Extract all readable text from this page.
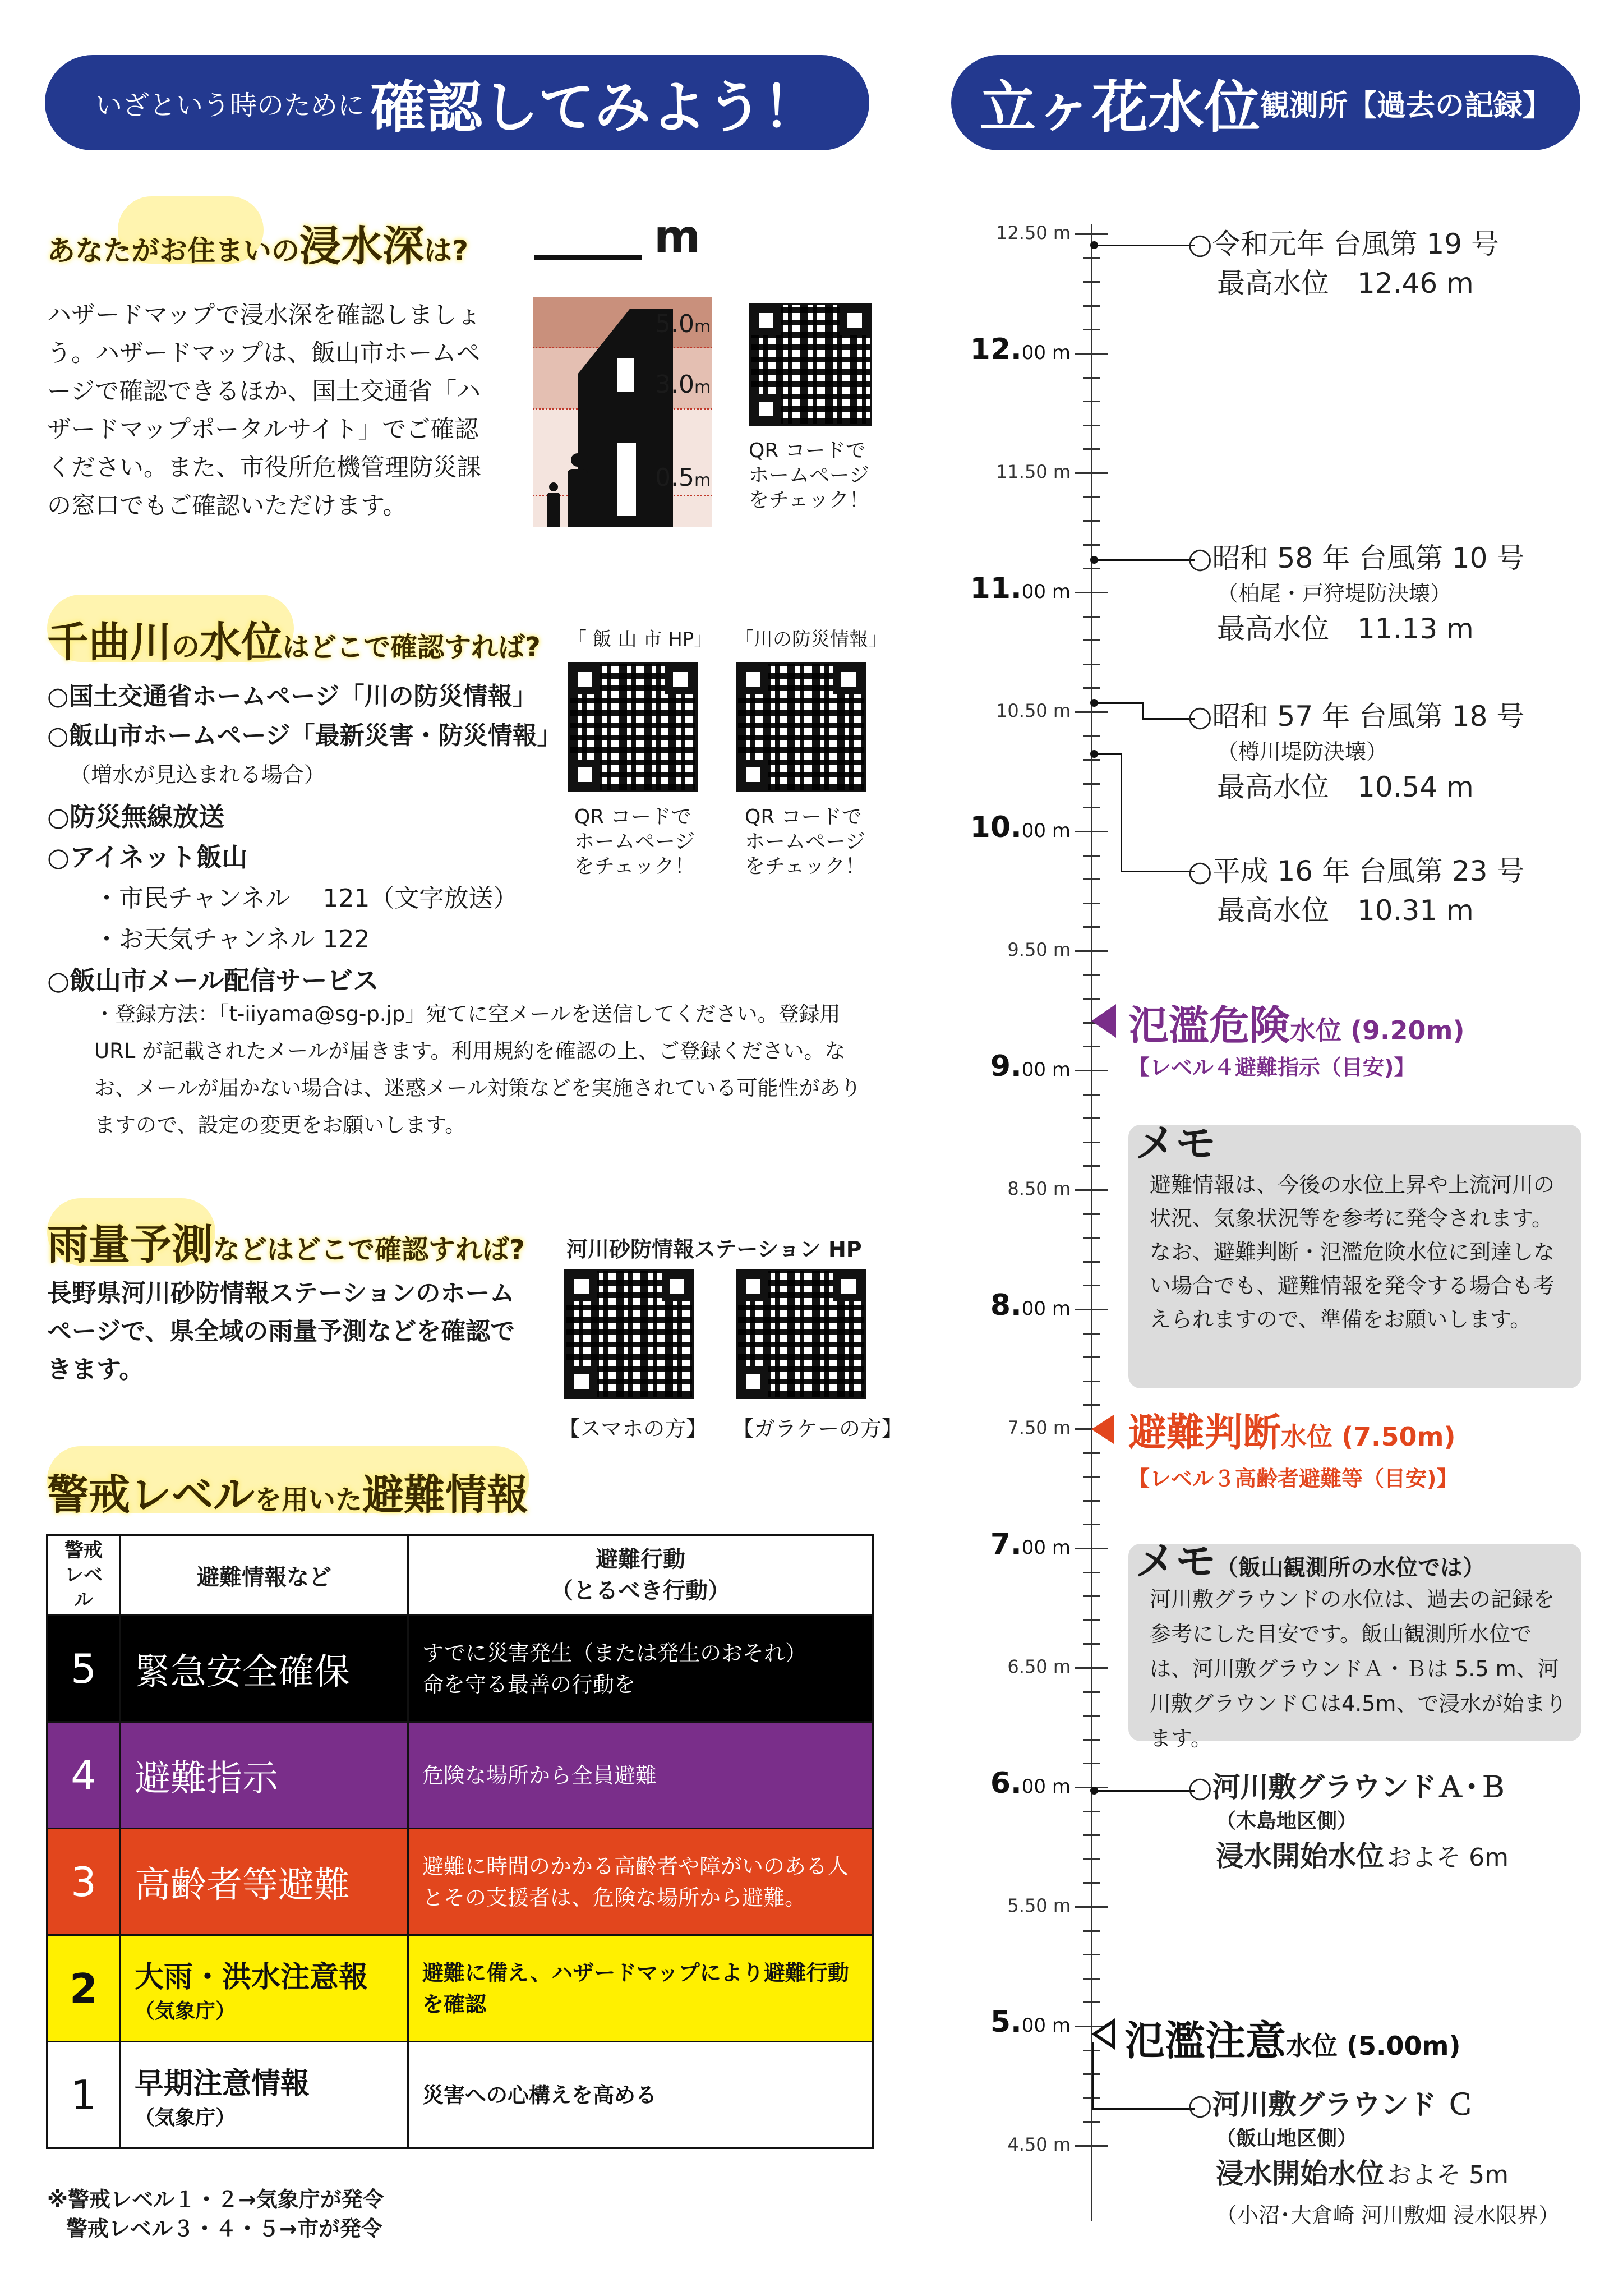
いざという時のために 確認してみよう！	立ヶ花水位 観測所【過去の記録】
あなたがお住まいの浸水深は?	m
ハザードマップで浸水深を確認しましょう。ハザードマップは、飯山市ホームページで確認できるほか、国土交通省「ハザードマップポータルサイト」でご確認ください。また、市役所危機管理防災課の窓口でもご確認いただけます。
5.0m
3.0m
0.5m
QR コードで
ホームページ
をチェック！
千曲川の水位はどこで確認すれば? 「 飯 山 市 HP」 「川の防災情報」
QR コードで
ホームページ
をチェック！
QR コードで
ホームページ
をチェック！
○国土交通省ホームページ「川の防災情報」
○飯山市ホームページ「最新災害・防災情報」
（増水が見込まれる場合）
○防災無線放送
○アイネット飯山
・市民チャンネル　 121（文字放送）
・お天気チャンネル 122
○飯山市メール配信サービス
・登録方法：「t-iiyama@sg-p.jp」宛てに空メールを送信してください。登録用URL が記載されたメールが届きます。利用規約を確認の上、ご登録ください。なお、メールが届かない場合は、迷惑メール対策などを実施されている可能性がありますので、設定の変更をお願いします。
雨量予測などはどこで確認すれば? 河川砂防情報ステーション HP
長野県河川砂防情報ステーションのホームページで、県全域の雨量予測などを確認できます。
【スマホの方】 【ガラケーの方】
警戒レベルを用いた避難情報
警戒
レベル	避難情報など	避難行動
（とるべき行動）
5	緊急安全確保	すでに災害発生（または発生のおそれ）
命を守る最善の行動を
4	避難指示	危険な場所から全員避難
3	高齢者等避難	避難に時間のかかる高齢者や障がいのある人とその支援者は、危険な場所から避難。
2	大雨・洪水注意報
（気象庁）	避難に備え、ハザードマップにより避難行動を確認
1	早期注意情報
（気象庁）	災害への心構えを高める
※警戒レベル１・２→気象庁が発令
警戒レベル３・４・５→市が発令
12.50 m
11.50 m
10.50 m
9.50 m
8.50 m
7.50 m
6.50 m
5.50 m
4.50 m
12.00 m
11.00 m
10.00 m
9.00 m
8.00 m
7.00 m
6.00 m
5.00 m
○令和元年 台風第 19 号
最高水位　12.46 m
○昭和 58 年 台風第 10 号
（柏尾・戸狩堤防決壊）
最高水位　11.13 m
○昭和 57 年 台風第 18 号
（樽川堤防決壊）
最高水位　10.54 m
○平成 16 年 台風第 23 号
最高水位　10.31 m
氾濫危険水位 (9.20m)
【レベル４避難指示（目安)】
メモ
避難情報は、今後の水位上昇や上流河川の状況、気象状況等を参考に発令されます。なお、避難判断・氾濫危険水位に到達しない場合でも、避難情報を発令する場合も考えられますので、準備をお願いします。
避難判断水位 (7.50m)
【レベル３高齢者避難等（目安)】
メモ（飯山観測所の水位では）
河川敷グラウンドの水位は、過去の記録を参考にした目安です。飯山観測所水位では、河川敷グラウンドＡ・Ｂは 5.5 m、河川敷グラウンドＣは4.5m、で浸水が始まります。
○河川敷グラウンドＡ･Ｂ
（木島地区側）
浸水開始水位 およそ 6m
氾濫注意水位 (5.00m)
○河川敷グラウンド Ｃ
（飯山地区側）
浸水開始水位 およそ 5m
（小沼･大倉崎 河川敷畑 浸水限界）
